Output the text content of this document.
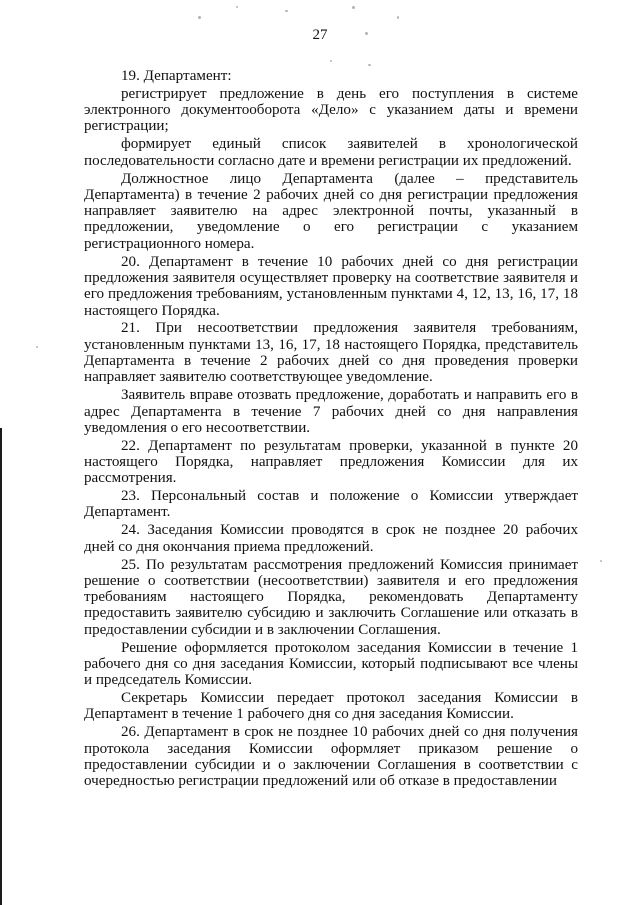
27

19. Департамент:

регистрирует предложение в день его поступления в системе электронного документооборота «Дело» с указанием даты и времени регистрации;

формирует единый список заявителей в хронологической последовательности согласно дате и времени регистрации их предложений.

Должностное лицо Департамента (далее – представитель Департамента) в течение 2 рабочих дней со дня регистрации предложения направляет заявителю на адрес электронной почты, указанный в предложении, уведомление о его регистрации с указанием регистрационного номера.

20. Департамент в течение 10 рабочих дней со дня регистрации предложения заявителя осуществляет проверку на соответствие заявителя и его предложения требованиям, установленным пунктами 4, 12, 13, 16, 17, 18 настоящего Порядка.

21. При несоответствии предложения заявителя требованиям, установленным пунктами 13, 16, 17, 18 настоящего Порядка, представитель Департамента в течение 2 рабочих дней со дня проведения проверки направляет заявителю соответствующее уведомление.

Заявитель вправе отозвать предложение, доработать и направить его в адрес Департамента в течение 7 рабочих дней со дня направления уведомления о его несоответствии.

22. Департамент по результатам проверки, указанной в пункте 20 настоящего Порядка, направляет предложения Комиссии для их рассмотрения.

23. Персональный состав и положение о Комиссии утверждает Департамент.

24. Заседания Комиссии проводятся в срок не позднее 20 рабочих дней со дня окончания приема предложений.

25. По результатам рассмотрения предложений Комиссия принимает решение о соответствии (несоответствии) заявителя и его предложения требованиям настоящего Порядка, рекомендовать Департаменту предоставить заявителю субсидию и заключить Соглашение или отказать в предоставлении субсидии и в заключении Соглашения.

Решение оформляется протоколом заседания Комиссии в течение 1 рабочего дня со дня заседания Комиссии, который подписывают все члены и председатель Комиссии.

Секретарь Комиссии передает протокол заседания Комиссии в Департамент в течение 1 рабочего дня со дня заседания Комиссии.

26. Департамент в срок не позднее 10 рабочих дней со дня получения протокола заседания Комиссии оформляет приказом решение о предоставлении субсидии и о заключении Соглашения в соответствии с очередностью регистрации предложений или об отказе в предоставлении
